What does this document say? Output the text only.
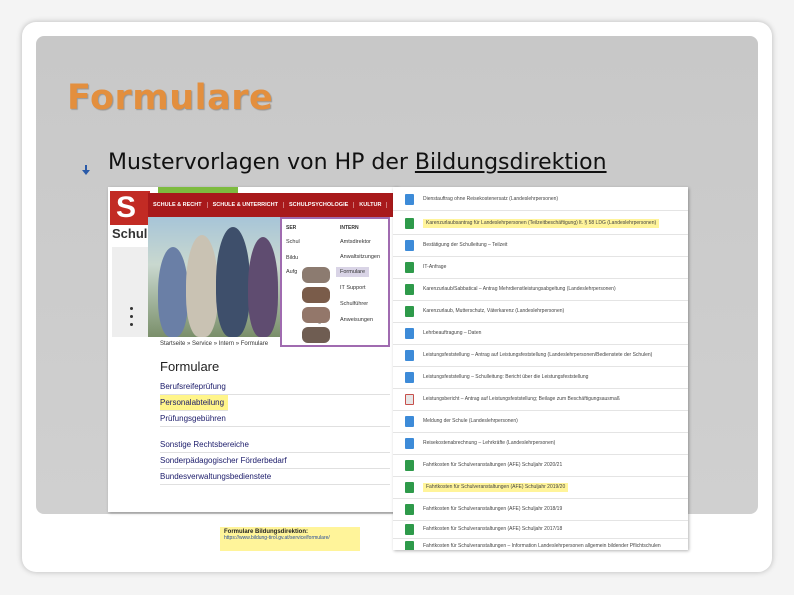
Formulare
Mustervorlagen von HP der Bildungsdirektion
S
Schul
SCHULE & RECHT	SCHULE & UNTERRICHT	SCHULPSYCHOLOGIE	KULTUR
SER	INTERN
Schul
Bildu
Aufg
Amtsdirektor
Anwaltsitzungen
Formulare
IT Support
Schulführer
Anweisungen
Startseite » Service » Intern » Formulare
Formulare
Berufsreifeprüfung
Personalabteilung
Prüfungsgebühren
Sonstige Rechtsbereiche
Sonderpädagogischer Förderbedarf
Bundesverwaltungsbedienstete
Dienstauftrag ohne Reisekostenersatz (Landeslehrpersonen)
Karenzurlaubsantrag für Landeslehrpersonen (Teilzeitbeschäftigung) lt. § 58 LDG (Landeslehrpersonen)
Bestätigung der Schulleitung – Teilzeit
IT-Anfrage
Karenzurlaub/Sabbatical – Antrag Mehrdienstleistungsabgeltung (Landeslehrpersonen)
Karenzurlaub, Mutterschutz, Väterkarenz (Landeslehrpersonen)
Lehrbeauftragung – Daten
Leistungsfeststellung – Antrag auf Leistungsfeststellung (Landeslehrpersonen/Bedienstete der Schulen)
Leistungsfeststellung – Schulleitung: Bericht über die Leistungsfeststellung
Leistungsbericht – Antrag auf Leistungsfeststellung; Beilage zum Beschäftigungsausmaß
Meldung der Schule (Landeslehrpersonen)
Reisekostenabrechnung – Lehrkräfte (Landeslehrpersonen)
Fahrtkosten für Schulveranstaltungen (AFE) Schuljahr 2020/21
Fahrtkosten für Schulveranstaltungen (AFE) Schuljahr 2019/20
Fahrtkosten für Schulveranstaltungen (AFE) Schuljahr 2018/19
Fahrtkosten für Schulveranstaltungen (AFE) Schuljahr 2017/18
Fahrtkosten für Schulveranstaltungen – Information Landeslehrpersonen allgemein bildender Pflichtschulen
Formulare Bildungsdirektion:
https://www.bildung-tirol.gv.at/service/formulare/
